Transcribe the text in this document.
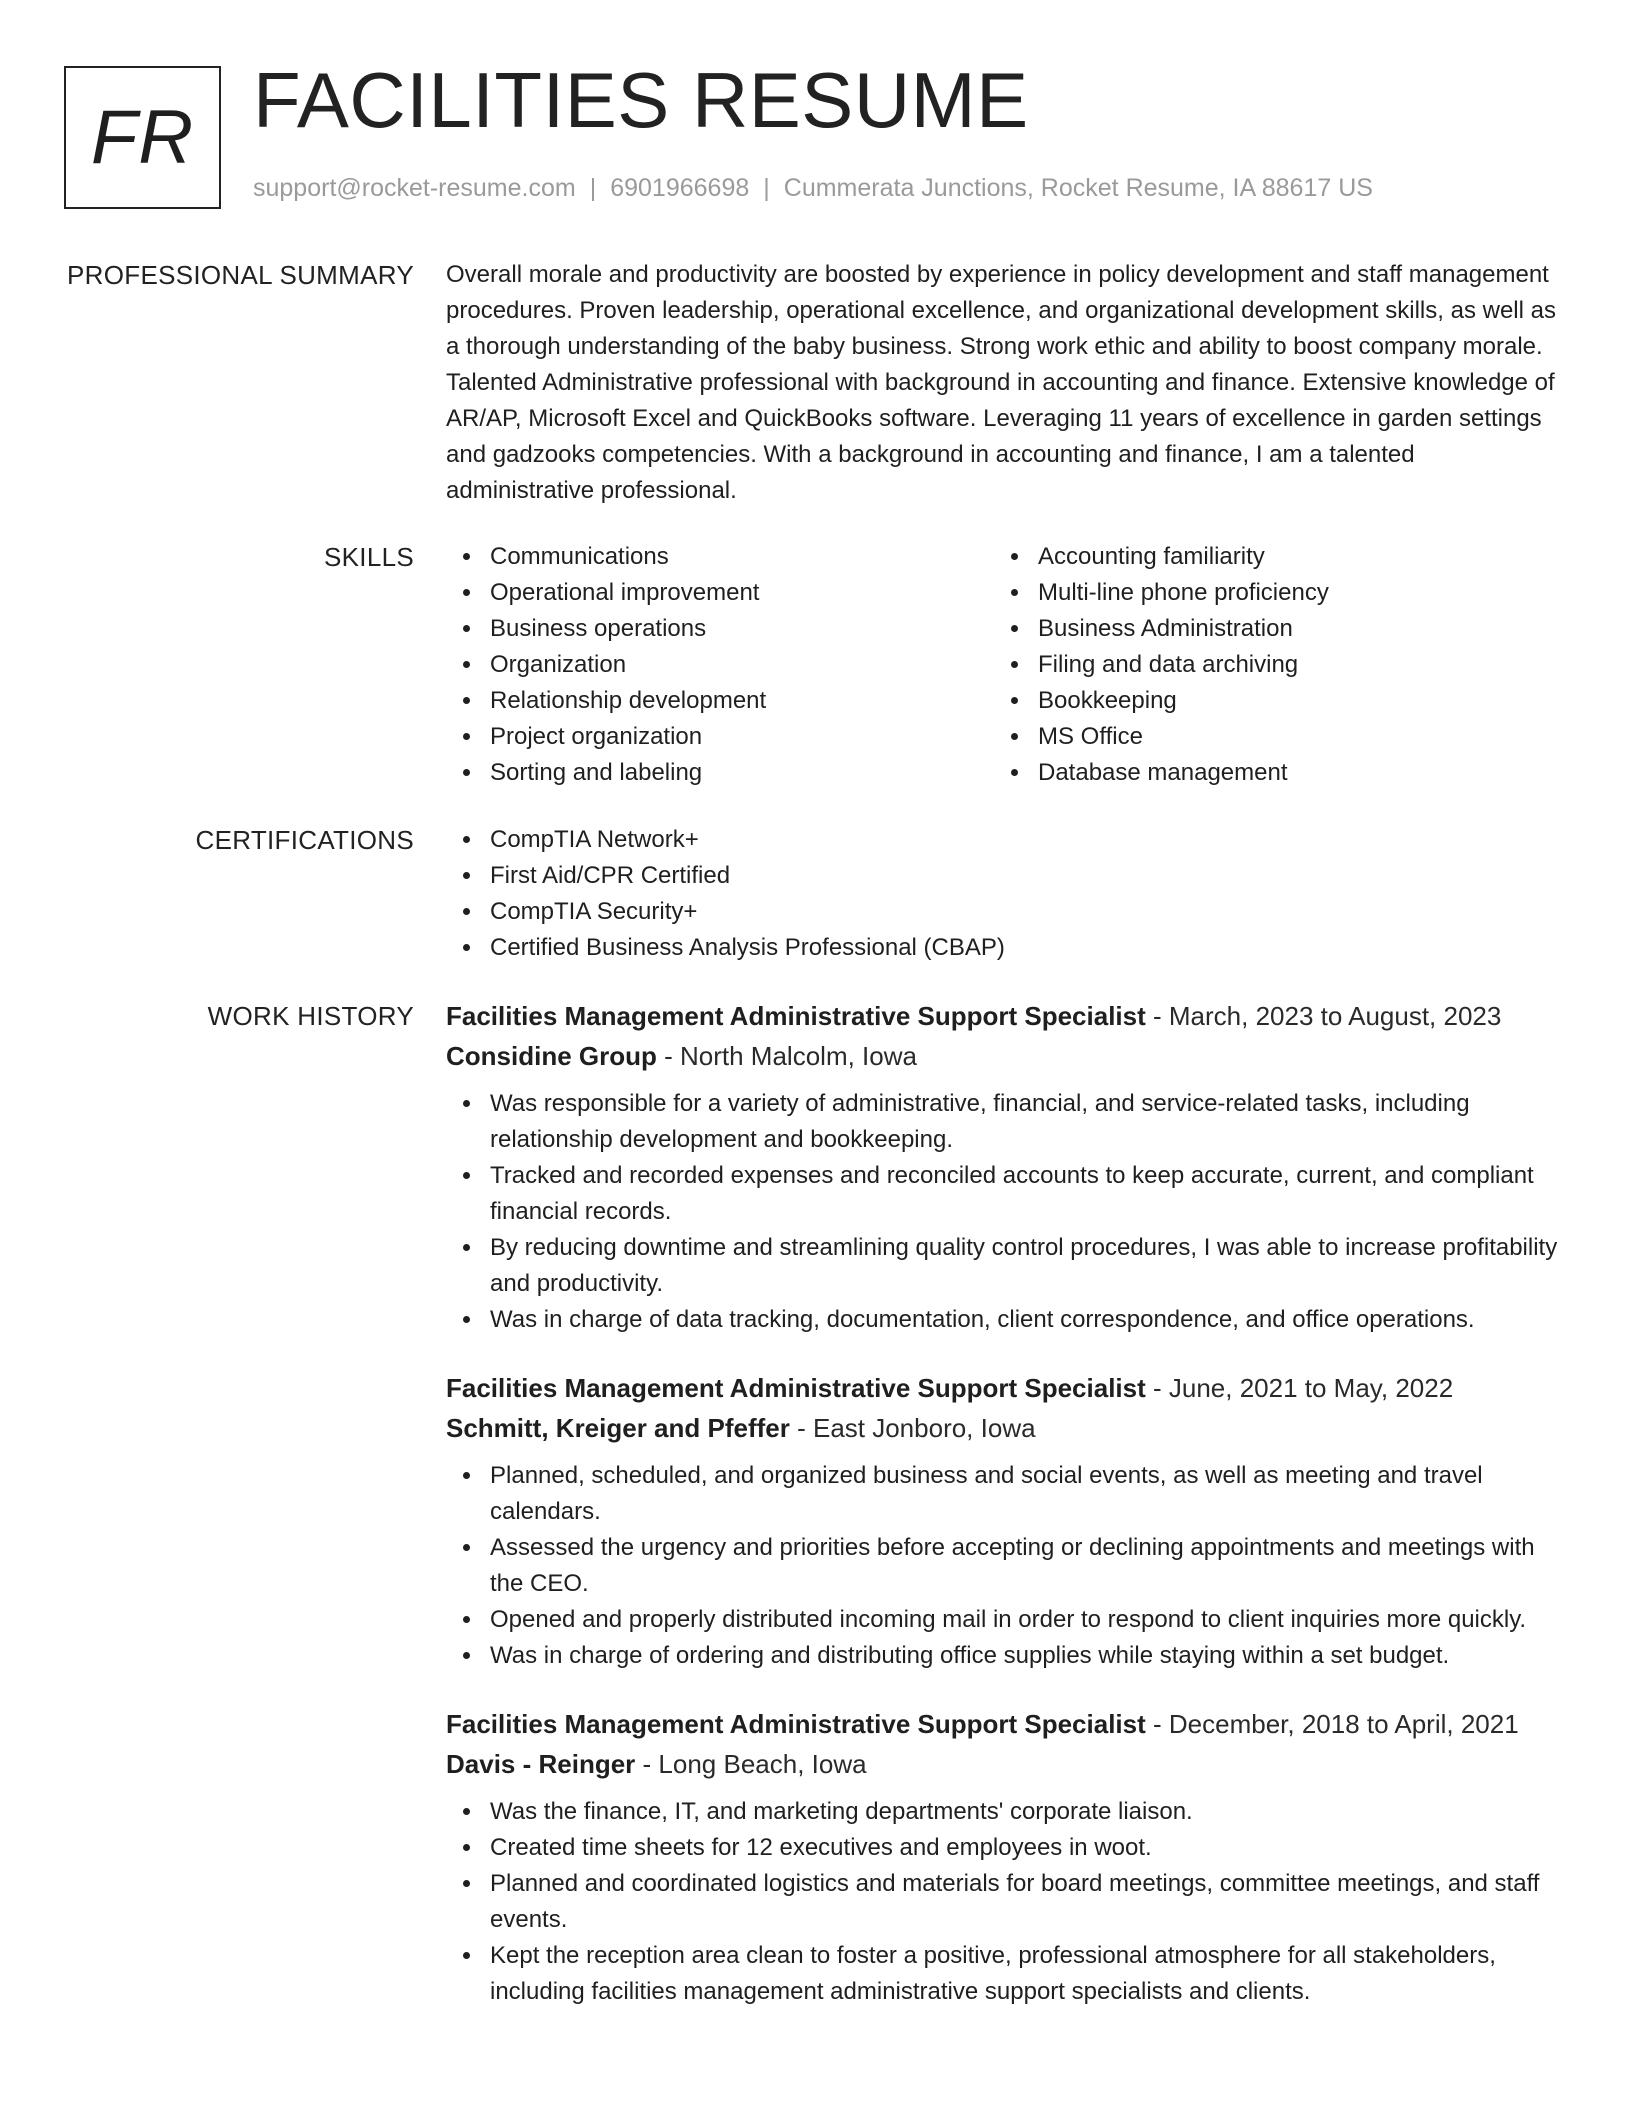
FR FACILITIES RESUME
support@rocket-resume.com | 6901966698 | Cummerata Junctions, Rocket Resume, IA 88617 US
PROFESSIONAL SUMMARY Overall morale and productivity are boosted by experience in policy development and staff management procedures. Proven leadership, operational excellence, and organizational development skills, as well as a thorough understanding of the baby business. Strong work ethic and ability to boost company morale. Talented Administrative professional with background in accounting and finance. Extensive knowledge of AR/AP, Microsoft Excel and QuickBooks software. Leveraging 11 years of excellence in garden settings and gadzooks competencies. With a background in accounting and finance, I am a talented administrative professional.
SKILLS	Communications
Operational improvement
Business operations
Organization
Relationship development
Project organization
Sorting and labeling
Accounting familiarity
Multi-line phone proficiency
Business Administration
Filing and data archiving
Bookkeeping
MS Office
Database management
CERTIFICATIONS	CompTIA Network+
First Aid/CPR Certified
CompTIA Security+
Certified Business Analysis Professional (CBAP)
WORK HISTORY Facilities Management Administrative Support Specialist - March, 2023 to August, 2023
Considine Group - North Malcolm, Iowa
Was responsible for a variety of administrative, financial, and service-related tasks, including relationship development and bookkeeping.
Tracked and recorded expenses and reconciled accounts to keep accurate, current, and compliant financial records.
By reducing downtime and streamlining quality control procedures, I was able to increase profitability and productivity.
Was in charge of data tracking, documentation, client correspondence, and office operations.
Facilities Management Administrative Support Specialist - June, 2021 to May, 2022
Schmitt, Kreiger and Pfeffer - East Jonboro, Iowa
Planned, scheduled, and organized business and social events, as well as meeting and travel calendars.
Assessed the urgency and priorities before accepting or declining appointments and meetings with the CEO.
Opened and properly distributed incoming mail in order to respond to client inquiries more quickly.
Was in charge of ordering and distributing office supplies while staying within a set budget.
Facilities Management Administrative Support Specialist - December, 2018 to April, 2021
Davis - Reinger - Long Beach, Iowa
Was the finance, IT, and marketing departments' corporate liaison.
Created time sheets for 12 executives and employees in woot.
Planned and coordinated logistics and materials for board meetings, committee meetings, and staff events.
Kept the reception area clean to foster a positive, professional atmosphere for all stakeholders, including facilities management administrative support specialists and clients.
